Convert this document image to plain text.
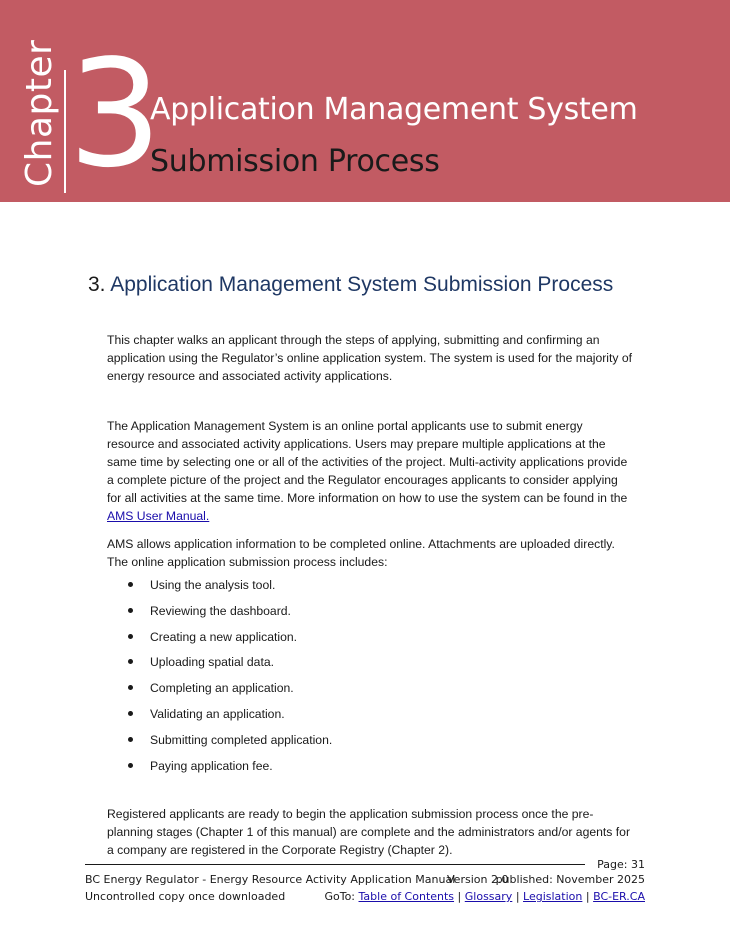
Chapter 3
Application Management System
Submission Process
3. Application Management System Submission Process

This chapter walks an applicant through the steps of applying, submitting and confirming an application using the Regulator’s online application system. The system is used for the majority of energy resource and associated activity applications.

The Application Management System is an online portal applicants use to submit energy resource and associated activity applications. Users may prepare multiple applications at the same time by selecting one or all of the activities of the project. Multi-activity applications provide a complete picture of the project and the Regulator encourages applicants to consider applying for all activities at the same time. More information on how to use the system can be found in the AMS User Manual.

AMS allows application information to be completed online. Attachments are uploaded directly. The online application submission process includes:

Using the analysis tool.
Reviewing the dashboard.
Creating a new application.
Uploading spatial data.
Completing an application.
Validating an application.
Submitting completed application.
Paying application fee.

Registered applicants are ready to begin the application submission process once the pre-planning stages (Chapter 1 of this manual) are complete and the administrators and/or agents for a company are registered in the Corporate Registry (Chapter 2).

Page: 31
BC Energy Regulator - Energy Resource Activity Application Manual
Version 2.0
published: November 2025
Uncontrolled copy once downloaded	GoTo: Table of Contents | Glossary | Legislation | BC-ER.CA
